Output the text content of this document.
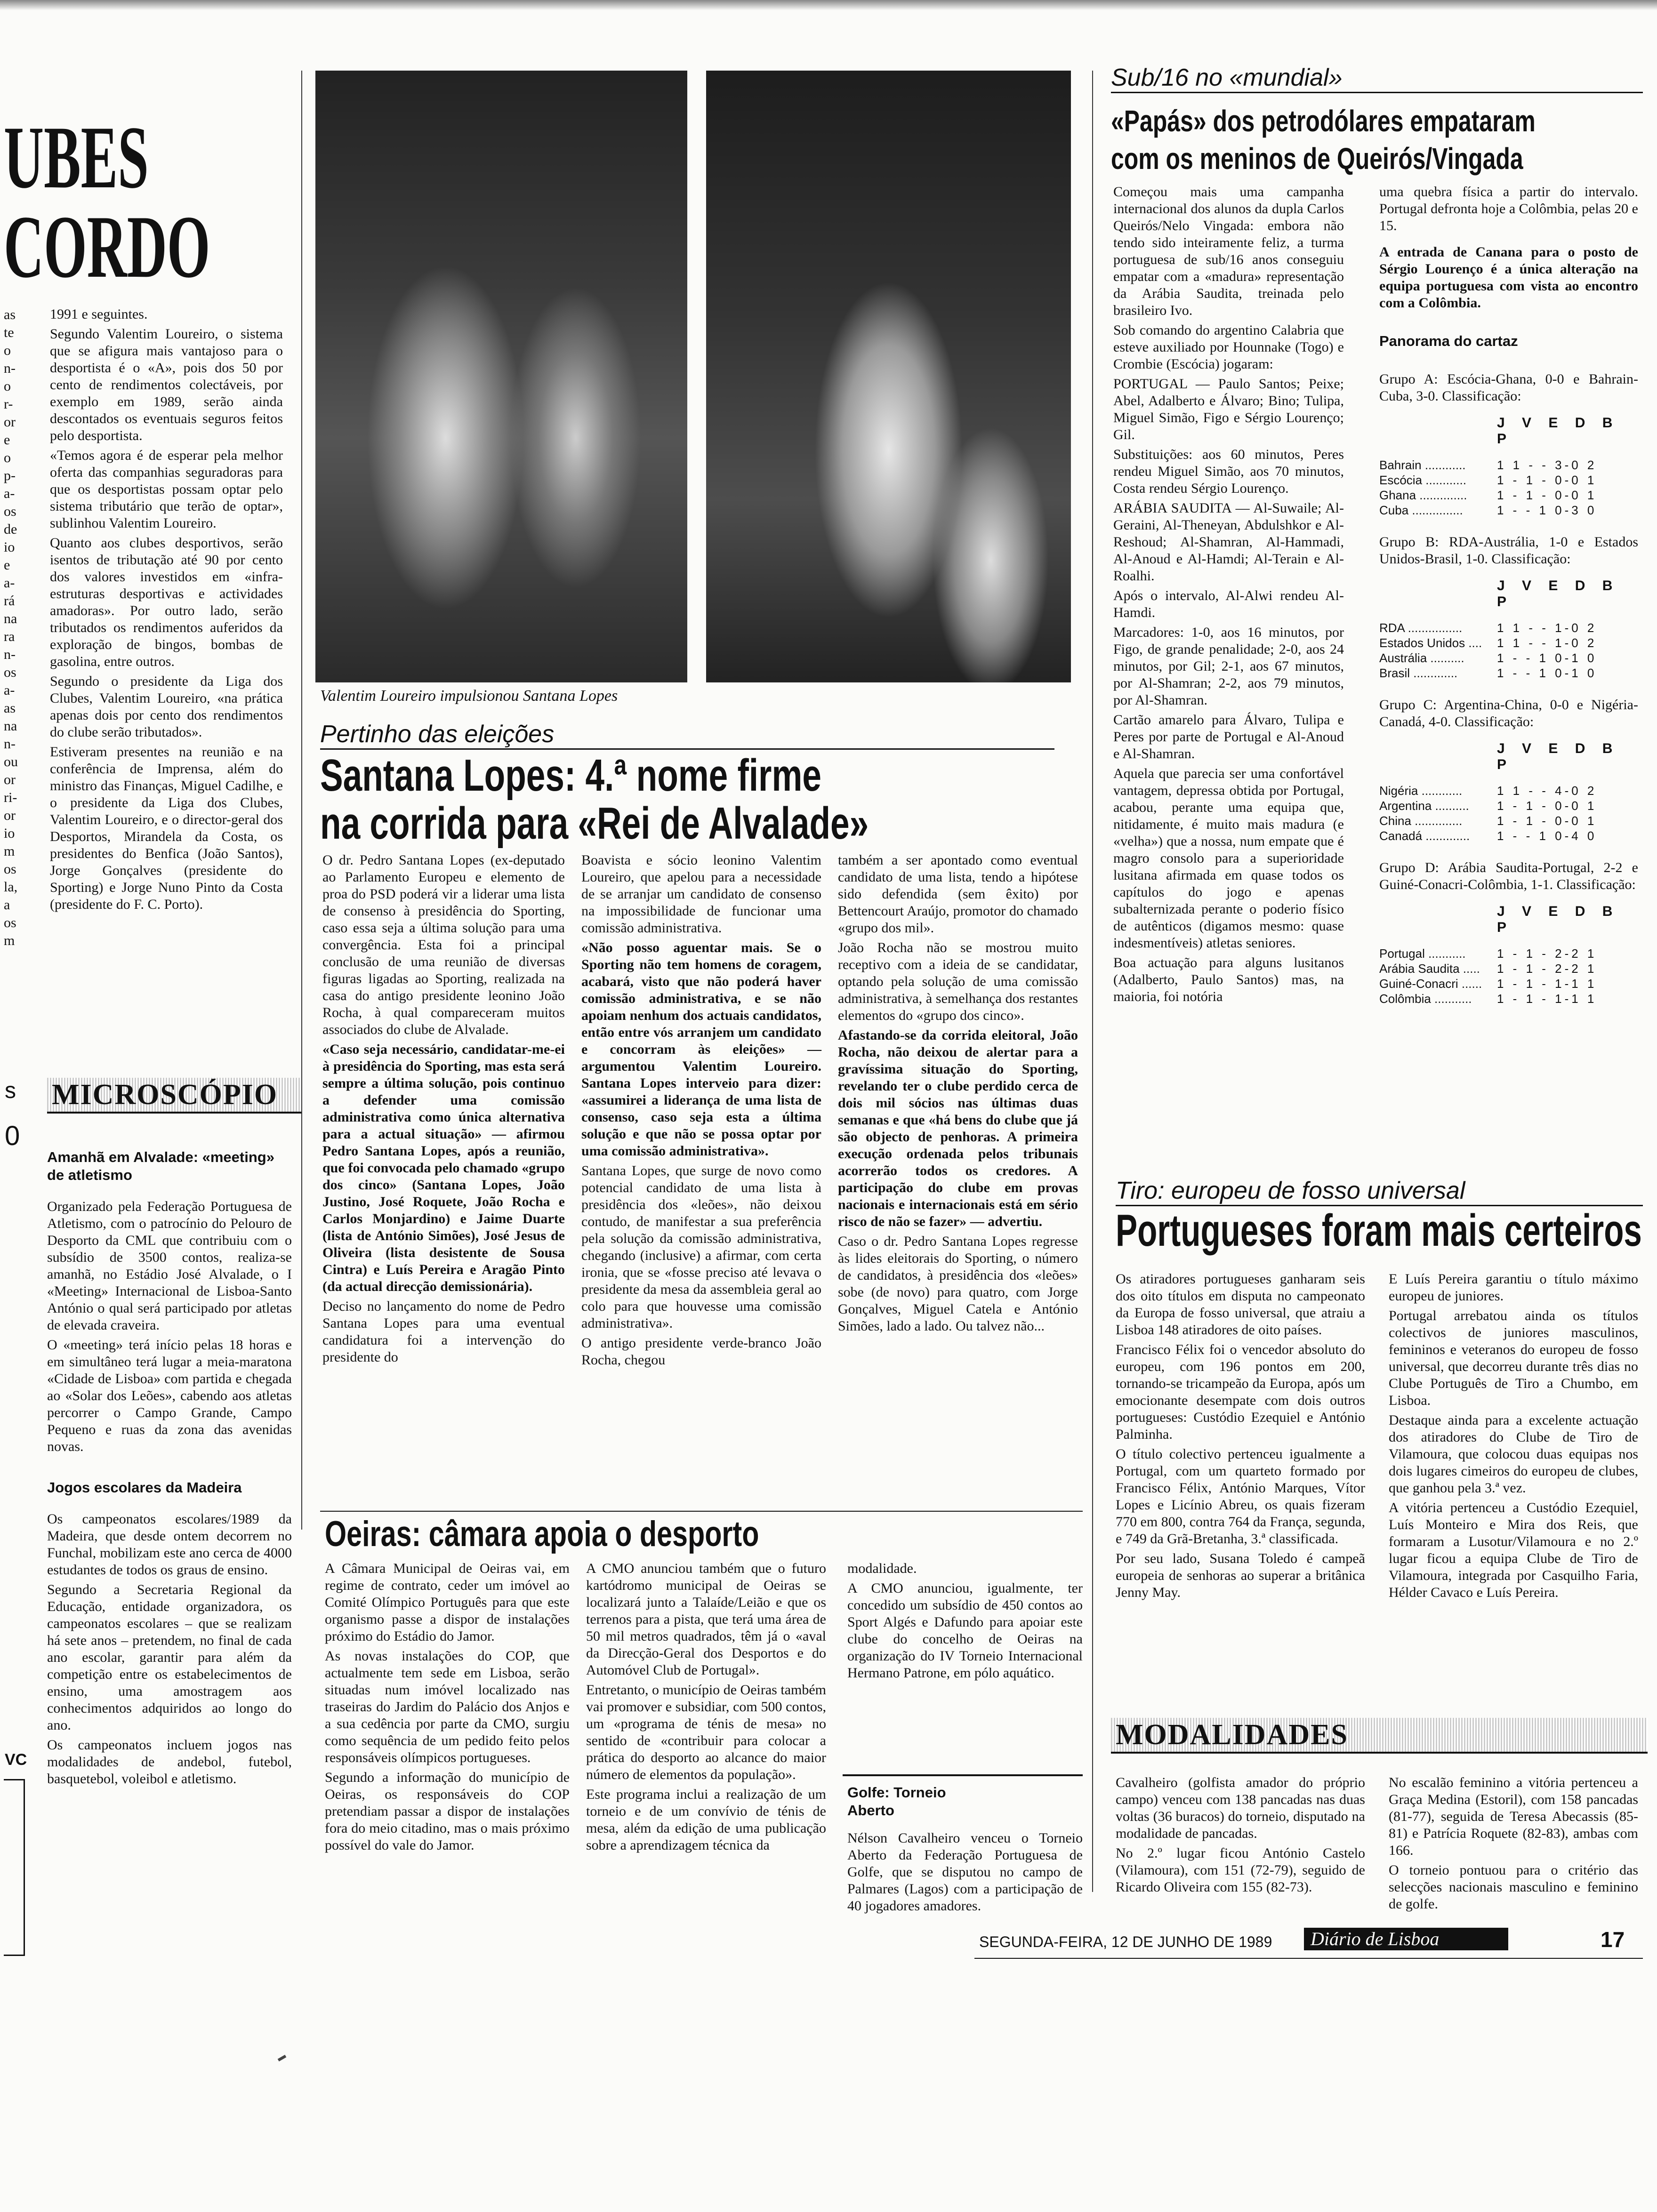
UBES
CORDO
as
te
o
n-
o
r-
or
e
o
p-
a-
os
de
io
e
a-
rá
na
ra
n-
os
a-
as
na
n-
ou
or
ri-
or
io
m
os
la,
a
os
m

1991 e seguintes.

Segundo Valentim Loureiro, o sistema que se afigura mais vantajoso para o desportista é o «A», pois dos 50 por cento de rendimentos colectáveis, por exemplo em 1989, serão ainda descontados os eventuais seguros feitos pelo desportista.

«Temos agora é de esperar pela melhor oferta das companhias seguradoras para que os desportistas possam optar pelo sistema tributário que terão de optar», sublinhou Valentim Loureiro.

Quanto aos clubes desportivos, serão isentos de tributação até 90 por cento dos valores investidos em «infra-estruturas desportivas e actividades amadoras». Por outro lado, serão tributados os rendimentos auferidos da exploração de bingos, bombas de gasolina, entre outros.

Segundo o presidente da Liga dos Clubes, Valentim Loureiro, «na prática apenas dois por cento dos rendimentos do clube serão tributados».

Estiveram presentes na reunião e na conferência de Imprensa, além do ministro das Finanças, Miguel Cadilhe, e o presidente da Liga dos Clubes, Valentim Loureiro, e o director-geral dos Desportos, Mirandela da Costa, os presidentes do Benfica (João Santos), Jorge Gonçalves (presidente do Sporting) e Jorge Nuno Pinto da Costa (presidente do F. C. Porto).

s
0
VC
MICROSCÓPIO
Amanhã em Alvalade: «meeting» de atletismo

Organizado pela Federação Portuguesa de Atletismo, com o patrocínio do Pelouro de Desporto da CML que contribuiu com o subsídio de 3500 contos, realiza-se amanhã, no Estádio José Alvalade, o I «Meeting» Internacional de Lisboa-Santo António o qual será participado por atletas de elevada craveira.

O «meeting» terá início pelas 18 horas e em simultâneo terá lugar a meia-maratona «Cidade de Lisboa» com partida e chegada ao «Solar dos Leões», cabendo aos atletas percorrer o Campo Grande, Campo Pequeno e ruas da zona das avenidas novas.

Jogos escolares da Madeira

Os campeonatos escolares/1989 da Madeira, que desde ontem decorrem no Funchal, mobilizam este ano cerca de 4000 estudantes de todos os graus de ensino.

Segundo a Secretaria Regional da Educação, entidade organizadora, os campeonatos escolares – que se realizam há sete anos – pretendem, no final de cada ano escolar, garantir para além da competição entre os estabelecimentos de ensino, uma amostragem aos conhecimentos adquiridos ao longo do ano.

Os campeonatos incluem jogos nas modalidades de andebol, futebol, basquetebol, voleibol e atletismo.

Valentim Loureiro impulsionou Santana Lopes
Pertinho das eleições
Santana Lopes: 4.ª nome firme
na corrida para «Rei de Alvalade»

O dr. Pedro Santana Lopes (ex-deputado ao Parlamento Europeu e elemento de proa do PSD poderá vir a liderar uma lista de consenso à presidência do Sporting, caso essa seja a última solução para uma convergência. Esta foi a principal conclusão de uma reunião de diversas figuras ligadas ao Sporting, realizada na casa do antigo presidente leonino João Rocha, à qual compareceram muitos associados do clube de Alvalade.

«Caso seja necessário, candidatar-me-ei à presidência do Sporting, mas esta será sempre a última solução, pois continuo a defender uma comissão administrativa como única alternativa para a actual situação» — afirmou Pedro Santana Lopes, após a reunião, que foi convocada pelo chamado «grupo dos cinco» (Santana Lopes, João Justino, José Roquete, João Rocha e Carlos Monjardino) e Jaime Duarte (lista de António Simões), José Jesus de Oliveira (lista desistente de Sousa Cintra) e Luís Pereira e Aragão Pinto (da actual direcção demissionária).

Deciso no lançamento do nome de Pedro Santana Lopes para uma eventual candidatura foi a intervenção do presidente do

Boavista e sócio leonino Valentim Loureiro, que apelou para a necessidade de se arranjar um candidato de consenso na impossibilidade de funcionar uma comissão administrativa.

«Não posso aguentar mais. Se o Sporting não tem homens de coragem, acabará, visto que não poderá haver comissão administrativa, e se não apoiam nenhum dos actuais candidatos, então entre vós arranjem um candidato e concorram às eleições» — argumentou Valentim Loureiro. Santana Lopes interveio para dizer: «assumirei a liderança de uma lista de consenso, caso seja esta a última solução e que não se possa optar por uma comissão administrativa».

Santana Lopes, que surge de novo como potencial candidato de uma lista à presidência dos «leões», não deixou contudo, de manifestar a sua preferência pela solução da comissão administrativa, chegando (inclusive) a afirmar, com certa ironia, que se «fosse preciso até levava o presidente da mesa da assembleia geral ao colo para que houvesse uma comissão administrativa».

O antigo presidente verde-branco João Rocha, chegou

também a ser apontado como eventual candidato de uma lista, tendo a hipótese sido defendida (sem êxito) por Bettencourt Araújo, promotor do chamado «grupo dos mil».

João Rocha não se mostrou muito receptivo com a ideia de se candidatar, optando pela solução de uma comissão administrativa, à semelhança dos restantes elementos do «grupo dos cinco».

Afastando-se da corrida eleitoral, João Rocha, não deixou de alertar para a gravíssima situação do Sporting, revelando ter o clube perdido cerca de dois mil sócios nas últimas duas semanas e que «há bens do clube que já são objecto de penhoras. A primeira execução ordenada pelos tribunais acorrerão todos os credores. A participação do clube em provas nacionais e internacionais está em sério risco de não se fazer» — advertiu.

Caso o dr. Pedro Santana Lopes regresse às lides eleitorais do Sporting, o número de candidatos, à presidência dos «leões» sobe (de novo) para quatro, com Jorge Gonçalves, Miguel Catela e António Simões, lado a lado. Ou talvez não...

Oeiras: câmara apoia o desporto

A Câmara Municipal de Oeiras vai, em regime de contrato, ceder um imóvel ao Comité Olímpico Português para que este organismo passe a dispor de instalações próximo do Estádio do Jamor.

As novas instalações do COP, que actualmente tem sede em Lisboa, serão situadas num imóvel localizado nas traseiras do Jardim do Palácio dos Anjos e a sua cedência por parte da CMO, surgiu como sequência de um pedido feito pelos responsáveis olímpicos portugueses.

Segundo a informação do município de Oeiras, os responsáveis do COP pretendiam passar a dispor de instalações fora do meio citadino, mas o mais próximo possível do vale do Jamor.

A CMO anunciou também que o futuro kartódromo municipal de Oeiras se localizará junto a Talaíde/Leião e que os terrenos para a pista, que terá uma área de 50 mil metros quadrados, têm já o «aval da Direcção-Geral dos Desportos e do Automóvel Club de Portugal».

Entretanto, o município de Oeiras também vai promover e subsidiar, com 500 contos, um «programa de ténis de mesa» no sentido de «contribuir para colocar a prática do desporto ao alcance do maior número de elementos da população».

Este programa inclui a realização de um torneio e de um convívio de ténis de mesa, além da edição de uma publicação sobre a aprendizagem técnica da

modalidade.

A CMO anunciou, igualmente, ter concedido um subsídio de 450 contos ao Sport Algés e Dafundo para apoiar este clube do concelho de Oeiras na organização do IV Torneio Internacional Hermano Patrone, em pólo aquático.

Golfe: Torneio Aberto

Nélson Cavalheiro venceu o Torneio Aberto da Federação Portuguesa de Golfe, que se disputou no campo de Palmares (Lagos) com a participação de 40 jogadores amadores.

Sub/16 no «mundial»
«Papás» dos petrodólares empataram
com os meninos de Queirós/Vingada

Começou mais uma campanha internacional dos alunos da dupla Carlos Queirós/Nelo Vingada: embora não tendo sido inteiramente feliz, a turma portuguesa de sub/16 anos conseguiu empatar com a «madura» representação da Arábia Saudita, treinada pelo brasileiro Ivo.

Sob comando do argentino Calabria que esteve auxiliado por Hounnake (Togo) e Crombie (Escócia) jogaram:

PORTUGAL — Paulo Santos; Peixe; Abel, Adalberto e Álvaro; Bino; Tulipa, Miguel Simão, Figo e Sérgio Lourenço; Gil.

Substituições: aos 60 minutos, Peres rendeu Miguel Simão, aos 70 minutos, Costa rendeu Sérgio Lourenço.

ARÁBIA SAUDITA — Al-Suwaile; Al-Geraini, Al-Theneyan, Abdulshkor e Al-Reshoud; Al-Shamran, Al-Hammadi, Al-Anoud e Al-Hamdi; Al-Terain e Al-Roalhi.

Após o intervalo, Al-Alwi rendeu Al-Hamdi.

Marcadores: 1-0, aos 16 minutos, por Figo, de grande penalidade; 2-0, aos 24 minutos, por Gil; 2-1, aos 67 minutos, por Al-Shamran; 2-2, aos 79 minutos, por Al-Shamran.

Cartão amarelo para Álvaro, Tulipa e Peres por parte de Portugal e Al-Anoud e Al-Shamran.

Aquela que parecia ser uma confortável vantagem, depressa obtida por Portugal, acabou, perante uma equipa que, nitidamente, é muito mais madura (e «velha») que a nossa, num empate que é magro consolo para a superioridade lusitana afirmada em quase todos os capítulos do jogo e apenas subalternizada perante o poderio físico de autênticos (digamos mesmo: quase indesmentíveis) atletas seniores.

Boa actuação para alguns lusitanos (Adalberto, Paulo Santos) mas, na maioria, foi notória

uma quebra física a partir do intervalo. Portugal defronta hoje a Colômbia, pelas 20 e 15.

A entrada de Canana para o posto de Sérgio Lourenço é a única alteração na equipa portuguesa com vista ao encontro com a Colômbia.

Panorama do cartaz

Grupo A: Escócia-Ghana, 0-0 e Bahrain-Cuba, 3-0. Classificação:

J V E D B P
Bahrain ............	1 1 - - 3-0 2
Escócia ............	1 - 1 - 0-0 1
Ghana ..............	1 - 1 - 0-0 1
Cuba ...............	1 - - 1 0-3 0

Grupo B: RDA-Austrália, 1-0 e Estados Unidos-Brasil, 1-0. Classificação:

J V E D B P
RDA ................	1 1 - - 1-0 2
Estados Unidos ....	1 1 - - 1-0 2
Austrália ..........	1 - - 1 0-1 0
Brasil .............	1 - - 1 0-1 0

Grupo C: Argentina-China, 0-0 e Nigéria-Canadá, 4-0. Classificação:

J V E D B P
Nigéria ............	1 1 - - 4-0 2
Argentina ..........	1 - 1 - 0-0 1
China ..............	1 - 1 - 0-0 1
Canadá .............	1 - - 1 0-4 0

Grupo D: Arábia Saudita-Portugal, 2-2 e Guiné-Conacri-Colômbia, 1-1. Classificação:

J V E D B P
Portugal ...........	1 - 1 - 2-2 1
Arábia Saudita .....	1 - 1 - 2-2 1
Guiné-Conacri ......	1 - 1 - 1-1 1
Colômbia ...........	1 - 1 - 1-1 1
Tiro: europeu de fosso universal
Portugueses foram mais certeiros

Os atiradores portugueses ganharam seis dos oito títulos em disputa no campeonato da Europa de fosso universal, que atraiu a Lisboa 148 atiradores de oito países.

Francisco Félix foi o vencedor absoluto do europeu, com 196 pontos em 200, tornando-se tricampeão da Europa, após um emocionante desempate com dois outros portugueses: Custódio Ezequiel e António Palminha.

O título colectivo pertenceu igualmente a Portugal, com um quarteto formado por Francisco Félix, António Marques, Vítor Lopes e Licínio Abreu, os quais fizeram 770 em 800, contra 764 da França, segunda, e 749 da Grã-Bretanha, 3.ª classificada.

Por seu lado, Susana Toledo é campeã europeia de senhoras ao superar a britânica Jenny May.

E Luís Pereira garantiu o título máximo europeu de juniores.

Portugal arrebatou ainda os títulos colectivos de juniores masculinos, femininos e veteranos do europeu de fosso universal, que decorreu durante três dias no Clube Português de Tiro a Chumbo, em Lisboa.

Destaque ainda para a excelente actuação dos atiradores do Clube de Tiro de Vilamoura, que colocou duas equipas nos dois lugares cimeiros do europeu de clubes, que ganhou pela 3.ª vez.

A vitória pertenceu a Custódio Ezequiel, Luís Monteiro e Mira dos Reis, que formaram a Lusotur/Vilamoura e no 2.º lugar ficou a equipa Clube de Tiro de Vilamoura, integrada por Casquilho Faria, Hélder Cavaco e Luís Pereira.

MODALIDADES

Cavalheiro (golfista amador do próprio campo) venceu com 138 pancadas nas duas voltas (36 buracos) do torneio, disputado na modalidade de pancadas.

No 2.º lugar ficou António Castelo (Vilamoura), com 151 (72-79), seguido de Ricardo Oliveira com 155 (82-73).

No escalão feminino a vitória pertenceu a Graça Medina (Estoril), com 158 pancadas (81-77), seguida de Teresa Abecassis (85-81) e Patrícia Roquete (82-83), ambas com 166.

O torneio pontuou para o critério das selecções nacionais masculino e feminino de golfe.

SEGUNDA-FEIRA, 12 DE JUNHO DE 1989	Diário de Lisboa	17
